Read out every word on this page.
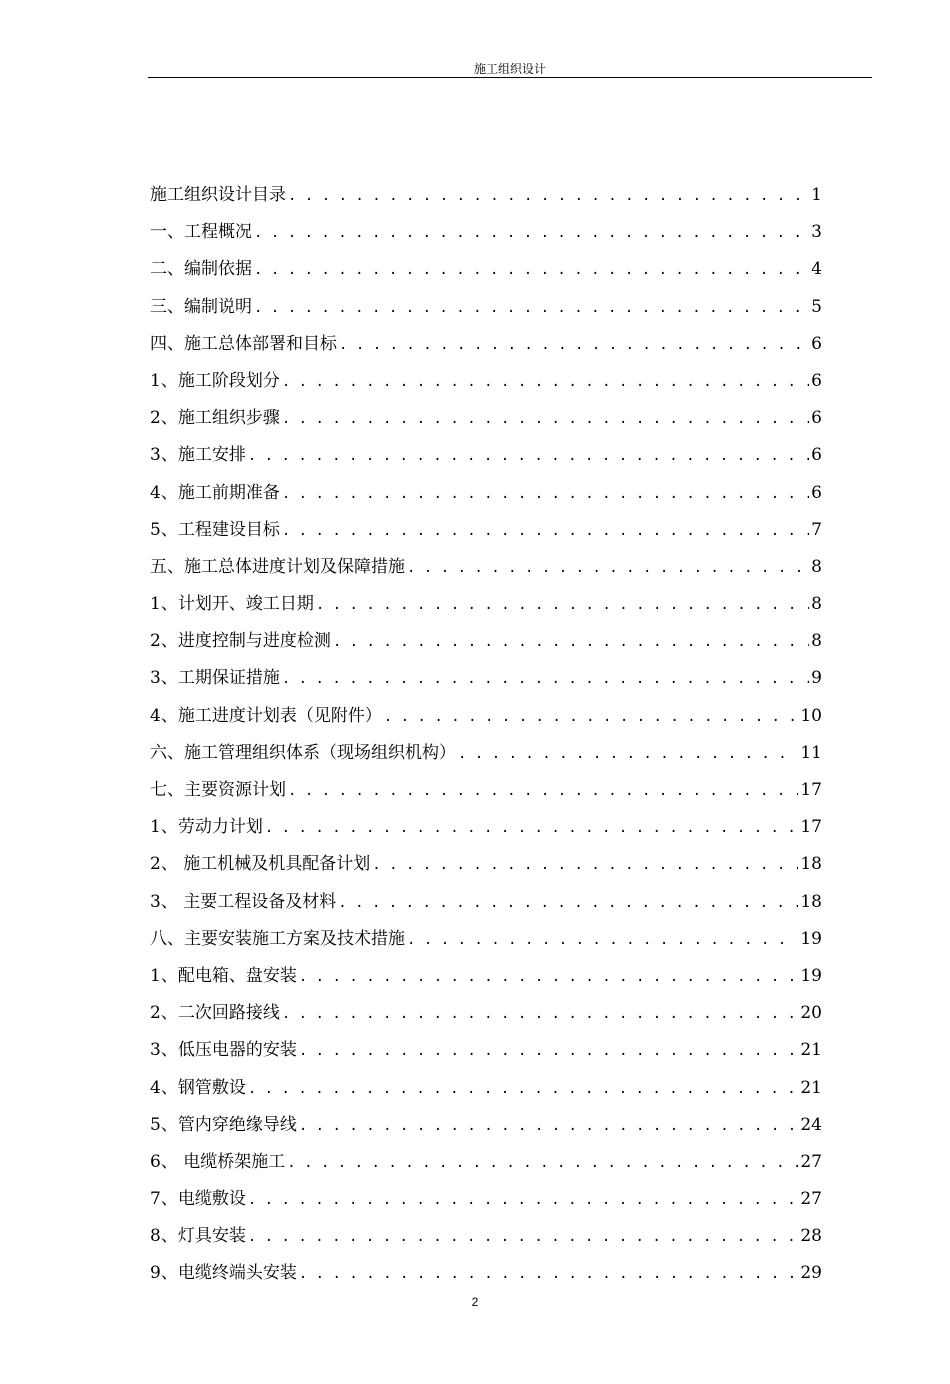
施工组织设计
施工组织设计目录 . . .	1
一、工程概况 . . .	3
二、编制依据 . . .	4
三、编制说明 . . .	5
四、施工总体部署和目标 . . .	6
1、施工阶段划分 . . .	6
2、施工组织步骤 . . .	6
3、施工安排 . . .	6
4、施工前期准备 . . .	6
5、工程建设目标 . . .	7
五、施工总体进度计划及保障措施 . . .	8
1、计划开、竣工日期 . . .	8
2、进度控制与进度检测 . . .	8
3、工期保证措施 . . .	9
4、施工进度计划表（见附件） . . .	10
六、施工管理组织体系（现场组织机构） . . .	11
七、主要资源计划 . . .	17
1、劳动力计划 . . .	17
2、 施工机械及机具配备计划 . . .	18
3、 主要工程设备及材料 . . .	18
八、主要安装施工方案及技术措施 . . .	19
1、配电箱、盘安装 . . .	19
2、二次回路接线 . . .	20
3、低压电器的安装 . . .	21
4、钢管敷设 . . .	21
5、管内穿绝缘导线 . . .	24
6、 电缆桥架施工 . . .	27
7、电缆敷设 . . .	27
8、灯具安装 . . .	28
9、电缆终端头安装 . . .	29
2
